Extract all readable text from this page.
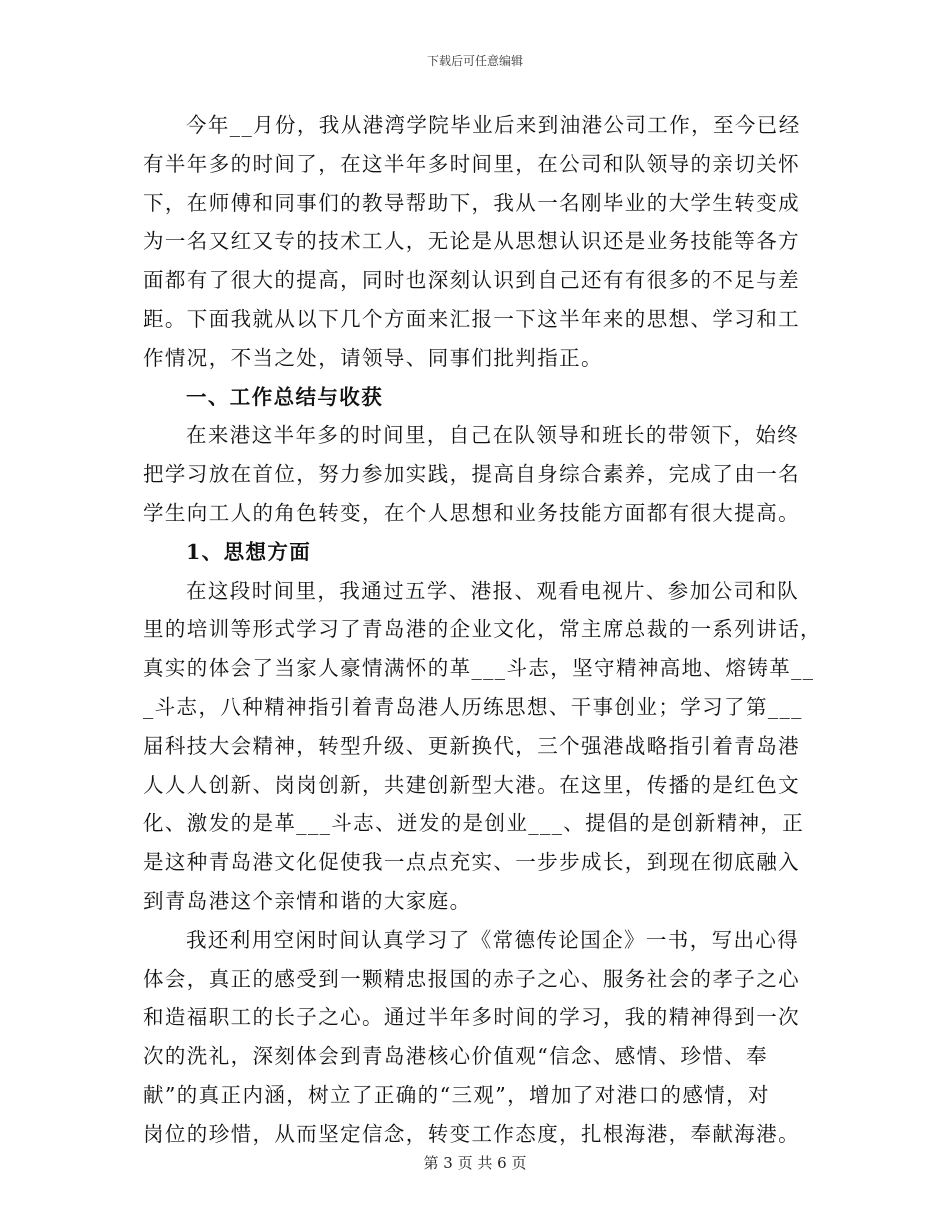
下载后可任意编辑
今年__月份，我从港湾学院毕业后来到油港公司工作，至今已经
有半年多的时间了，在这半年多时间里，在公司和队领导的亲切关怀
下，在师傅和同事们的教导帮助下，我从一名刚毕业的大学生转变成
为一名又红又专的技术工人，无论是从思想认识还是业务技能等各方
面都有了很大的提高，同时也深刻认识到自己还有有很多的不足与差
距。下面我就从以下几个方面来汇报一下这半年来的思想、学习和工
作情况，不当之处，请领导、同事们批判指正。
一、工作总结与收获
在来港这半年多的时间里，自己在队领导和班长的带领下，始终
把学习放在首位，努力参加实践，提高自身综合素养，完成了由一名
学生向工人的角色转变，在个人思想和业务技能方面都有很大提高。
1、思想方面
在这段时间里，我通过五学、港报、观看电视片、参加公司和队
里的培训等形式学习了青岛港的企业文化，常主席总裁的一系列讲话，
真实的体会了当家人豪情满怀的革___斗志，坚守精神高地、熔铸革__
_斗志，八种精神指引着青岛港人历练思想、干事创业；学习了第___
届科技大会精神，转型升级、更新换代，三个强港战略指引着青岛港
人人人创新、岗岗创新，共建创新型大港。在这里，传播的是红色文
化、激发的是革___斗志、迸发的是创业___、提倡的是创新精神，正
是这种青岛港文化促使我一点点充实、一步步成长，到现在彻底融入
到青岛港这个亲情和谐的大家庭。
我还利用空闲时间认真学习了《常德传论国企》一书，写出心得
体会，真正的感受到一颗精忠报国的赤子之心、服务社会的孝子之心
和造福职工的长子之心。通过半年多时间的学习，我的精神得到一次
次的洗礼，深刻体会到青岛港核心价值观“信念、感情、珍惜、奉
献”的真正内涵，树立了正确的“三观”，增加了对港口的感情，对
岗位的珍惜，从而坚定信念，转变工作态度，扎根海港，奉献海港。
第 3 页 共 6 页
